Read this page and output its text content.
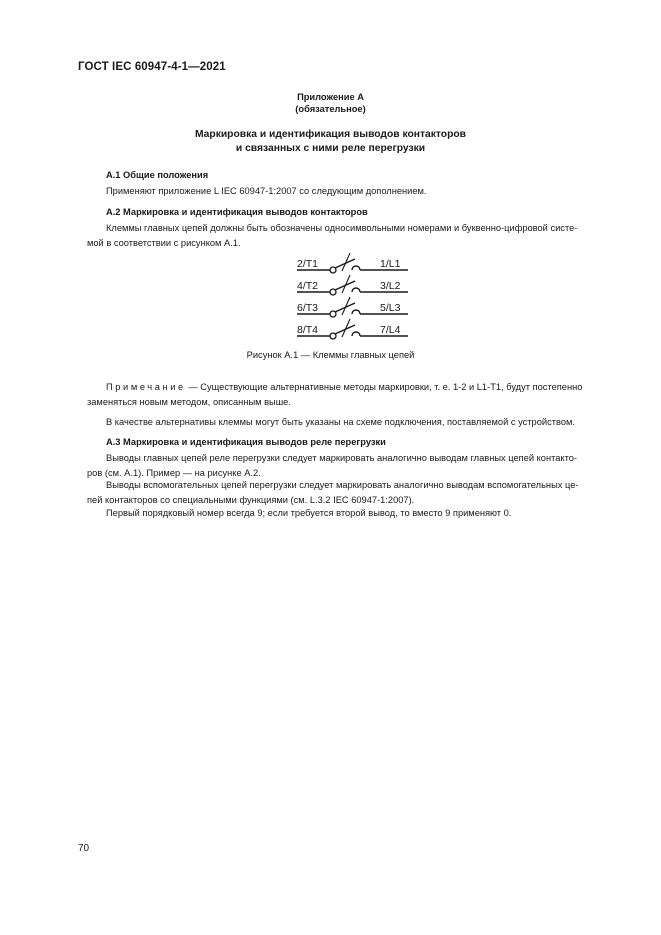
ГОСТ IEC 60947-4-1—2021
Приложение А
(обязательное)
Маркировка и идентификация выводов контакторов
и связанных с ними реле перегрузки
А.1 Общие положения
Применяют приложение L IEC 60947-1:2007 со следующим дополнением.
А.2 Маркировка и идентификация выводов контакторов
Клеммы главных цепей должны быть обозначены односимвольными номерами и буквенно-цифровой систе-
мой в соответствии с рисунком А.1.
2/T1	1/L1
4/T2	3/L2
6/T3	5/L3
8/T4	7/L4
Рисунок А.1 — Клеммы главных цепей
Примечание — Существующие альтернативные методы маркировки, т. е. 1-2 и L1-T1, будут постепенно
заменяться новым методом, описанным выше.
В качестве альтернативы клеммы могут быть указаны на схеме подключения, поставляемой с устройством.
А.3 Маркировка и идентификация выводов реле перегрузки
Выводы главных цепей реле перегрузки следует маркировать аналогично выводам главных цепей контакто-
ров (см. А.1). Пример — на рисунке А.2.
Выводы вспомогательных цепей перегрузки следует маркировать аналогично выводам вспомогательных це-
пей контакторов со специальными функциями (см. L.3.2 IEC 60947-1:2007).
Первый порядковый номер всегда 9; если требуется второй вывод, то вместо 9 применяют 0.
70
